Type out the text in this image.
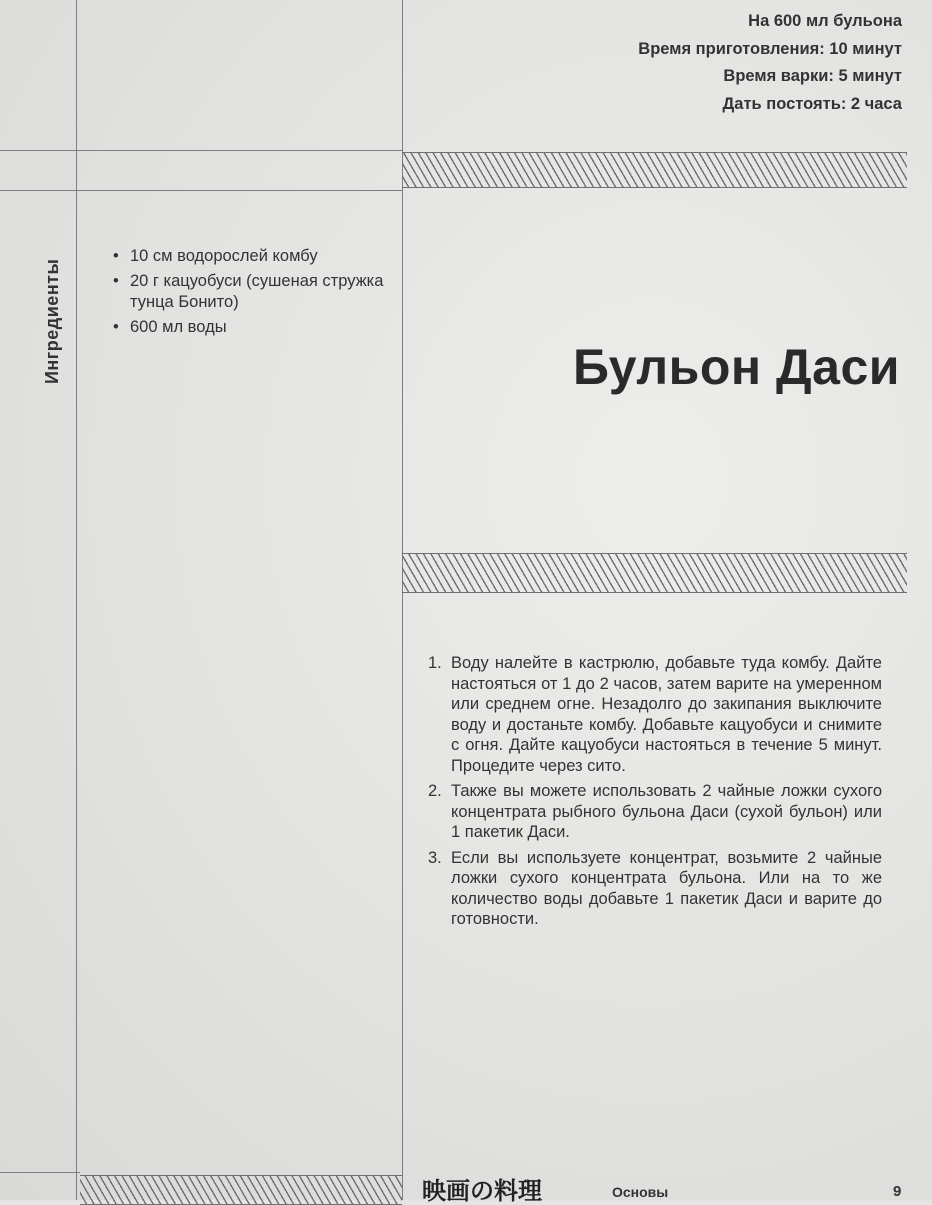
На 600 мл бульона
Время приготовления: 10 минут
Время варки: 5 минут
Дать постоять: 2 часа
Ингредиенты
• 10 см водорослей комбу
• 20 г кацуобуси (сушеная стружка тунца Бонито)
• 600 мл воды
Бульон Даси
1. Воду налейте в кастрюлю, добавьте туда комбу. Дайте настояться от 1 до 2 часов, затем варите на умеренном или среднем огне. Незадолго до закипания выключите воду и достаньте комбу. Добавьте кацуобуси и снимите с огня. Дайте кацуобуси настояться в течение 5 минут. Процедите через сито.
2. Также вы можете использовать 2 чайные ложки сухого концентрата рыбного бульона Даси (сухой бульон) или 1 пакетик Даси.
3. Если вы используете концентрат, возьмите 2 чайные ложки сухого концентрата бульона. Или на то же количество воды добавьте 1 пакетик Даси и варите до готовности.
映画の料理	Основы	9
